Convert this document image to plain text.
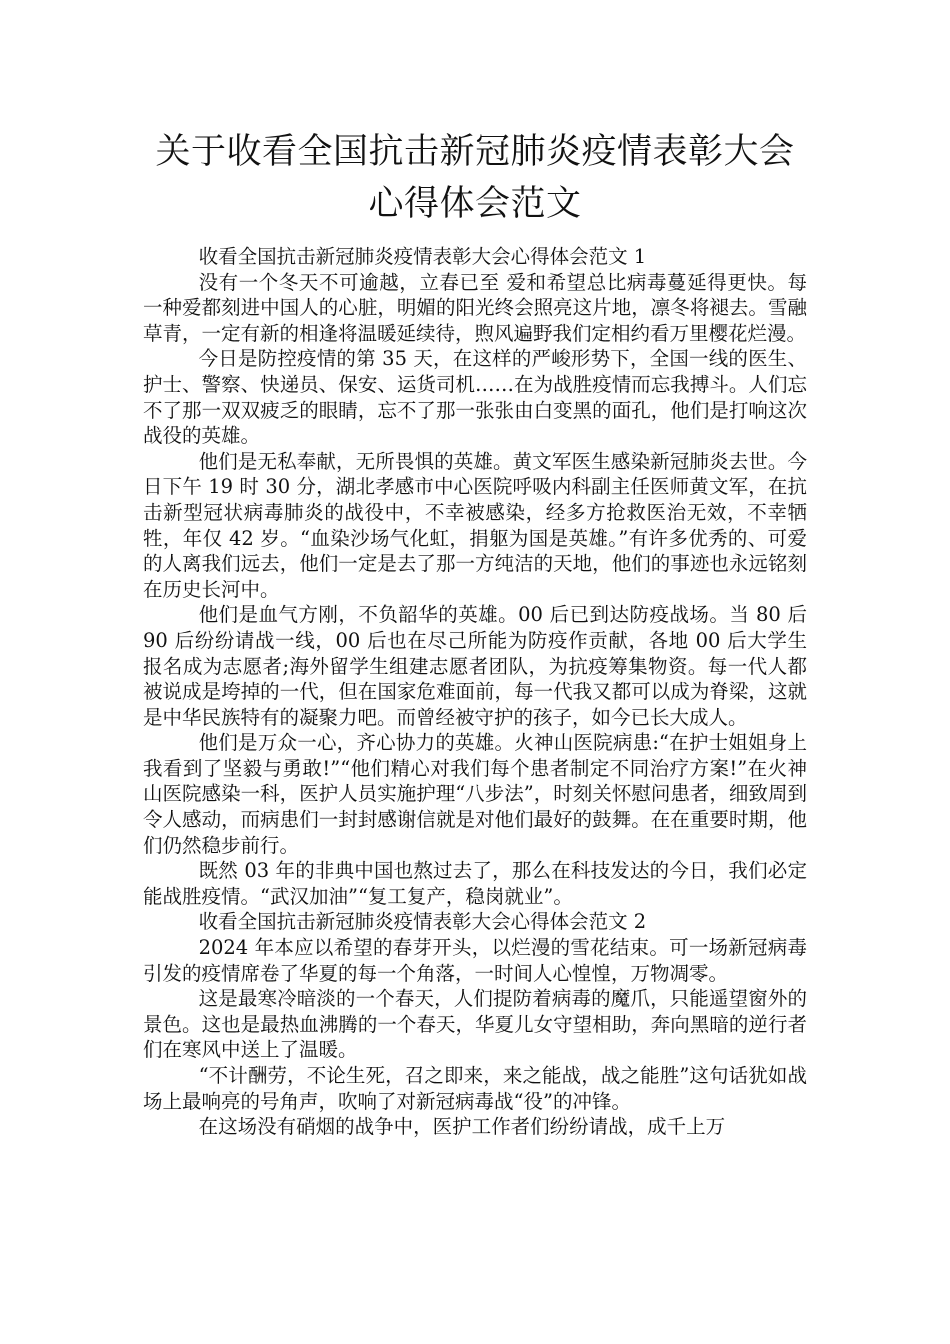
关于收看全国抗击新冠肺炎疫情表彰大会
心得体会范文

收看全国抗击新冠肺炎疫情表彰大会心得体会范文 1

没有一个冬天不可逾越，立春已至 爱和希望总比病毒蔓延得更快。每一种爱都刻进中国人的心脏，明媚的阳光终会照亮这片地，凛冬将褪去。雪融草青，一定有新的相逢将温暖延续待，煦风遍野我们定相约看万里樱花烂漫。

今日是防控疫情的第 35 天，在这样的严峻形势下，全国一线的医生、护士、警察、快递员、保安、运货司机……在为战胜疫情而忘我搏斗。人们忘不了那一双双疲乏的眼睛，忘不了那一张张由白变黑的面孔，他们是打响这次战役的英雄。

他们是无私奉献，无所畏惧的英雄。黄文军医生感染新冠肺炎去世。今日下午 19 时 30 分，湖北孝感市中心医院呼吸内科副主任医师黄文军，在抗击新型冠状病毒肺炎的战役中，不幸被感染，经多方抢救医治无效，不幸牺牲，年仅 42 岁。“血染沙场气化虹，捐躯为国是英雄。”有许多优秀的、可爱的人离我们远去，他们一定是去了那一方纯洁的天地，他们的事迹也永远铭刻在历史长河中。

他们是血气方刚，不负韶华的英雄。00 后已到达防疫战场。当 80 后 90 后纷纷请战一线，00 后也在尽己所能为防疫作贡献，各地 00 后大学生报名成为志愿者;海外留学生组建志愿者团队，为抗疫筹集物资。每一代人都被说成是垮掉的一代，但在国家危难面前，每一代我又都可以成为脊梁，这就是中华民族特有的凝聚力吧。而曾经被守护的孩子，如今已长大成人。

他们是万众一心，齐心协力的英雄。火神山医院病患:“在护士姐姐身上我看到了坚毅与勇敢!”“他们精心对我们每个患者制定不同治疗方案!”在火神山医院感染一科，医护人员实施护理“八步法”，时刻关怀慰问患者，细致周到令人感动，而病患们一封封感谢信就是对他们最好的鼓舞。在在重要时期，他们仍然稳步前行。

既然 03 年的非典中国也熬过去了，那么在科技发达的今日，我们必定能战胜疫情。“武汉加油”“复工复产，稳岗就业”。

收看全国抗击新冠肺炎疫情表彰大会心得体会范文 2

2024 年本应以希望的春芽开头，以烂漫的雪花结束。可一场新冠病毒引发的疫情席卷了华夏的每一个角落，一时间人心惶惶，万物凋零。

这是最寒冷暗淡的一个春天，人们提防着病毒的魔爪，只能遥望窗外的景色。这也是最热血沸腾的一个春天，华夏儿女守望相助，奔向黑暗的逆行者们在寒风中送上了温暖。

“不计酬劳，不论生死，召之即来，来之能战，战之能胜”这句话犹如战场上最响亮的号角声，吹响了对新冠病毒战“役”的冲锋。

在这场没有硝烟的战争中，医护工作者们纷纷请战，成千上万
